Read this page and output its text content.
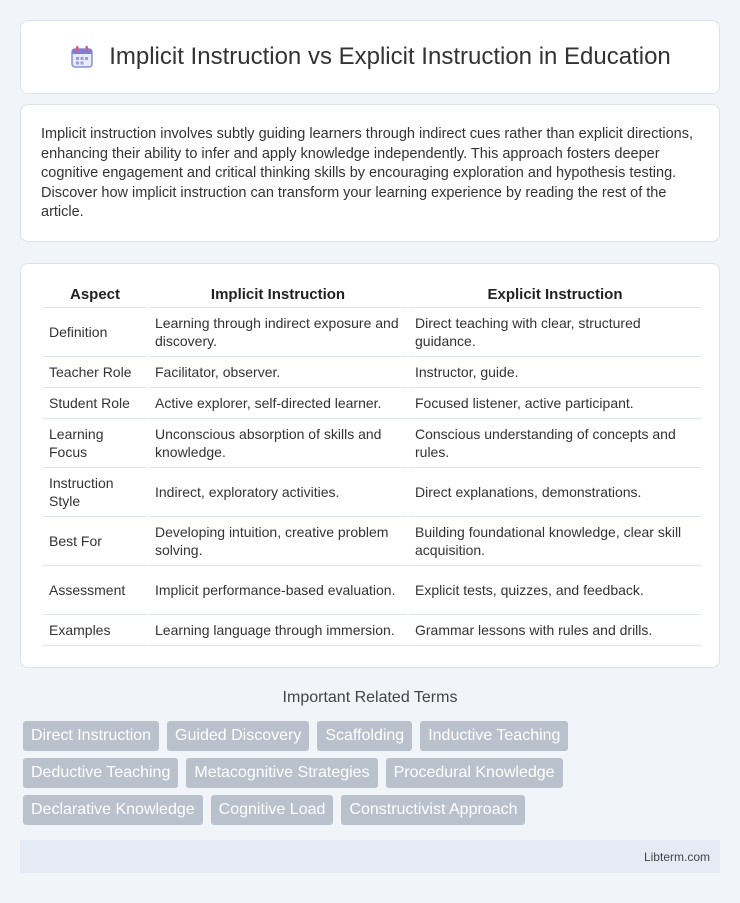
Implicit Instruction vs Explicit Instruction in Education

Implicit instruction involves subtly guiding learners through indirect cues rather than explicit directions, enhancing their ability to infer and apply knowledge independently. This approach fosters deeper cognitive engagement and critical thinking skills by encouraging exploration and hypothesis testing. Discover how implicit instruction can transform your learning experience by reading the rest of the article.

Aspect	Implicit Instruction	Explicit Instruction
Definition	Learning through indirect exposure and discovery.	Direct teaching with clear, structured guidance.
Teacher Role	Facilitator, observer.	Instructor, guide.
Student Role	Active explorer, self-directed learner.	Focused listener, active participant.
Learning Focus	Unconscious absorption of skills and knowledge.	Conscious understanding of concepts and rules.
Instruction Style	Indirect, exploratory activities.	Direct explanations, demonstrations.
Best For	Developing intuition, creative problem solving.	Building foundational knowledge, clear skill acquisition.
Assessment	Implicit performance-based evaluation.	Explicit tests, quizzes, and feedback.
Examples	Learning language through immersion.	Grammar lessons with rules and drills.
Important Related Terms
Direct Instruction	Guided Discovery	Scaffolding	Inductive Teaching
Deductive Teaching	Metacognitive Strategies	Procedural Knowledge
Declarative Knowledge	Cognitive Load	Constructivist Approach
Libterm.com
